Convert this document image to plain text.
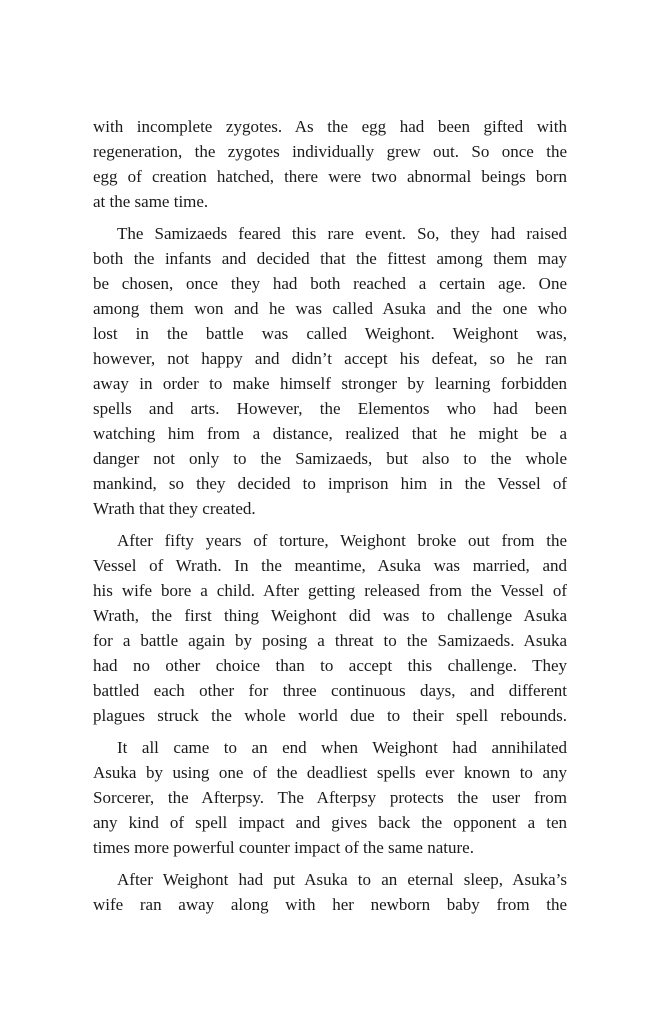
with incomplete zygotes. As the egg had been gifted with
regeneration, the zygotes individually grew out. So once the
egg of creation hatched, there were two abnormal beings born
at the same time.
The Samizaeds feared this rare event. So, they had raised
both the infants and decided that the fittest among them may
be chosen, once they had both reached a certain age. One
among them won and he was called Asuka and the one who
lost in the battle was called Weighont. Weighont was,
however, not happy and didn’t accept his defeat, so he ran
away in order to make himself stronger by learning forbidden
spells and arts. However, the Elementos who had been
watching him from a distance, realized that he might be a
danger not only to the Samizaeds, but also to the whole
mankind, so they decided to imprison him in the Vessel of
Wrath that they created.
After fifty years of torture, Weighont broke out from the
Vessel of Wrath. In the meantime, Asuka was married, and
his wife bore a child. After getting released from the Vessel of
Wrath, the first thing Weighont did was to challenge Asuka
for a battle again by posing a threat to the Samizaeds. Asuka
had no other choice than to accept this challenge. They
battled each other for three continuous days, and different
plagues struck the whole world due to their spell rebounds.
It all came to an end when Weighont had annihilated
Asuka by using one of the deadliest spells ever known to any
Sorcerer, the Afterpsy. The Afterpsy protects the user from
any kind of spell impact and gives back the opponent a ten
times more powerful counter impact of the same nature.
After Weighont had put Asuka to an eternal sleep, Asuka’s
wife ran away along with her newborn baby from the
